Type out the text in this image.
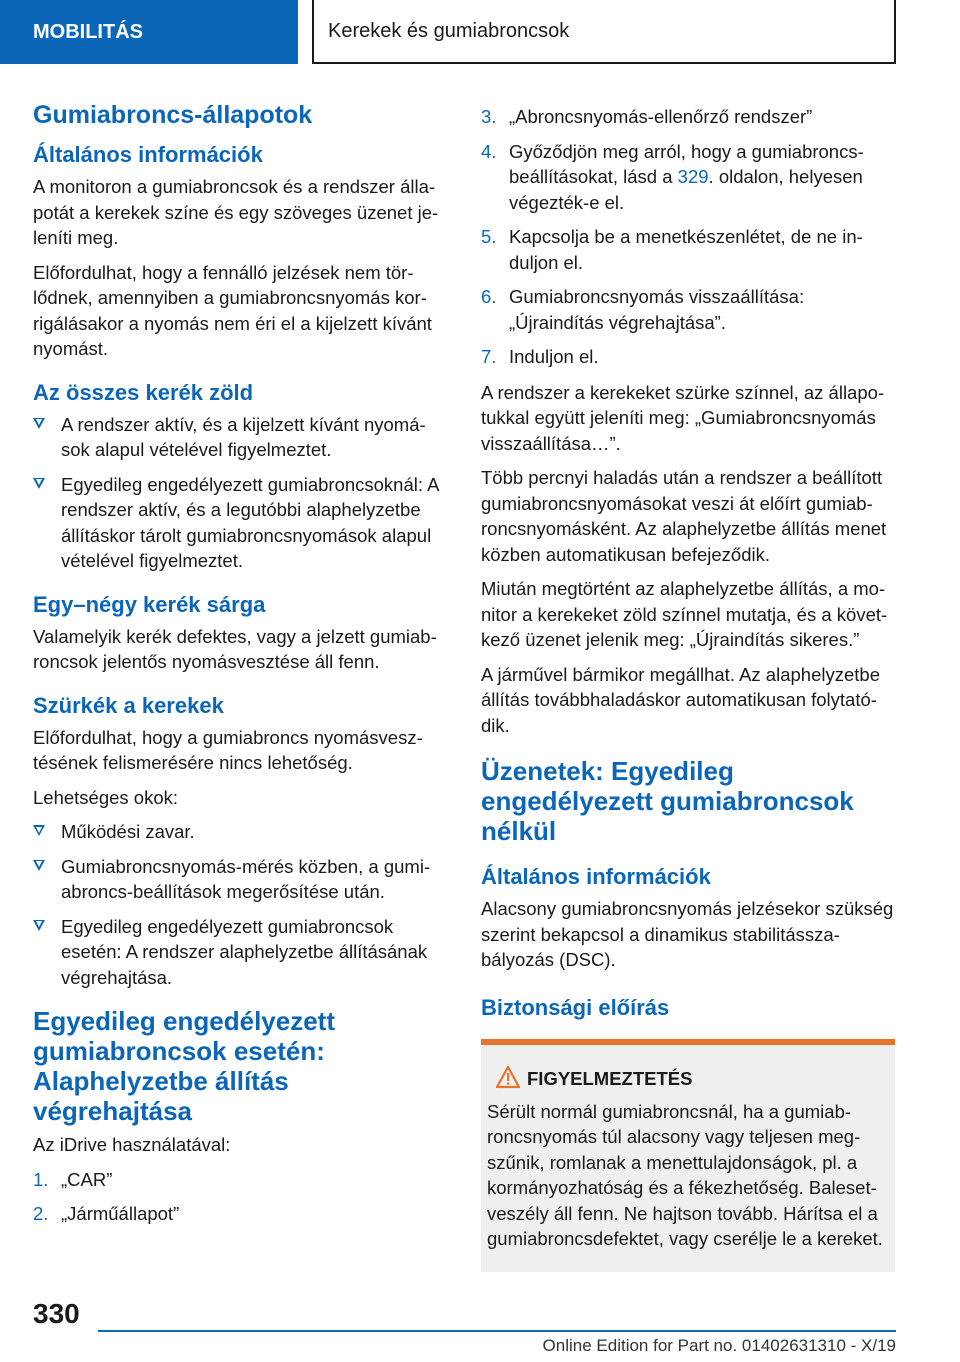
MOBILITÁS	Kerekek és gumiabroncsok
Gumiabroncs-állapotok
Általános információk

A monitoron a gumiabroncsok és a rendszer állapotát a kerekek színe és egy szöveges üzenet jeleníti meg.

Előfordulhat, hogy a fennálló jelzések nem törlődnek, amennyiben a gumiabroncsnyomás korrigálásakor a nyomás nem éri el a kijelzett kívánt nyomást.

Az összes kerék zöld
A rendszer aktív, és a kijelzett kívánt nyomások alapul vételével figyelmeztet.
Egyedileg engedélyezett gumiabroncsoknál: A rendszer aktív, és a legutóbbi alaphelyzetbe állításkor tárolt gumiabroncsnyomások alapul vételével figyelmeztet.
Egy–négy kerék sárga

Valamelyik kerék defektes, vagy a jelzett gumiabroncsok jelentős nyomásvesztése áll fenn.

Szürkék a kerekek

Előfordulhat, hogy a gumiabroncs nyomásvesztésének felismerésére nincs lehetőség.

Lehetséges okok:

Működési zavar.
Gumiabroncsnyomás-mérés közben, a gumiabroncs-beállítások megerősítése után.
Egyedileg engedélyezett gumiabroncsok esetén: A rendszer alaphelyzetbe állításának végrehajtása.
Egyedileg engedélyezett gumiabroncsok esetén: Alaphelyzetbe állítás végrehajtása

Az iDrive használatával:

1. „CAR”
2. „Járműállapot”
3. „Abroncsnyomás-ellenőrző rendszer”
4. Győződjön meg arról, hogy a gumiabroncs-beállításokat, lásd a 329. oldalon, helyesen végezték-e el.
5. Kapcsolja be a menetkészenlétet, de ne induljon el.
6. Gumiabroncsnyomás visszaállítása: „Újraindítás végrehajtása”.
7. Induljon el.

A rendszer a kerekeket szürke színnel, az állapotukkal együtt jeleníti meg: „Gumiabroncsnyomás visszaállítása…”.

Több percnyi haladás után a rendszer a beállított gumiabroncsnyomásokat veszi át előírt gumiabroncsnyomásként. Az alaphelyzetbe állítás menet közben automatikusan befejeződik.

Miután megtörtént az alaphelyzetbe állítás, a monitor a kerekeket zöld színnel mutatja, és a következő üzenet jelenik meg: „Újraindítás sikeres.”

A járművel bármikor megállhat. Az alaphelyzetbe állítás továbbhaladáskor automatikusan folytatódik.

Üzenetek: Egyedileg engedélyezett gumiabroncsok nélkül
Általános információk

Alacsony gumiabroncsnyomás jelzésekor szükség szerint bekapcsol a dinamikus stabilitásszabályozás (DSC).

Biztonsági előírás
FIGYELMEZTETÉS

Sérült normál gumiabroncsnál, ha a gumiabroncsnyomás túl alacsony vagy teljesen megszűnik, romlanak a menettulajdonságok, pl. a kormányozhatóság és a fékezhetőség. Balesetveszély áll fenn. Ne hajtson tovább. Hárítsa el a gumiabroncsdefektet, vagy cserélje le a kereket.

330
Online Edition for Part no. 01402631310 - X/19
